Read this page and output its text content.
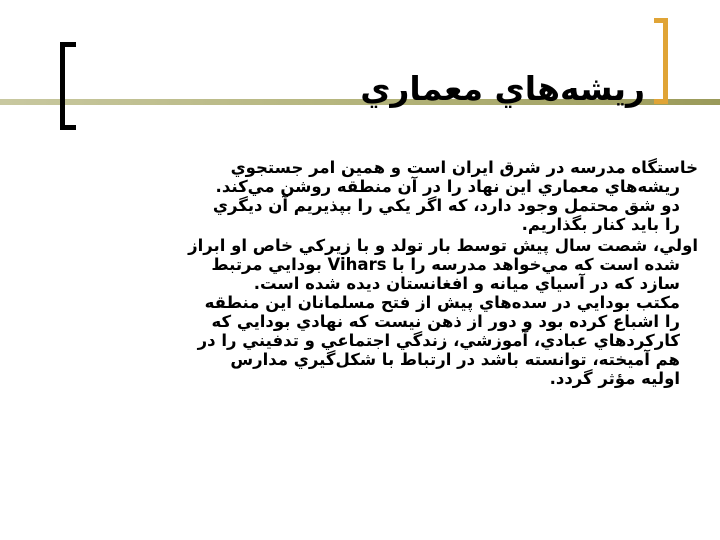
ريشه‌هاي معماري

خاستگاه مدرسه در شرق ايران است و همين امر جستجوي
ريشه‌هاي معماري اين نهاد را در آن منطقه روشن مي‌كند.
دو شق محتمل وجود دارد، كه اگر يكي را بپذيريم آن ديگري
را بايد كنار بگذاريم.

اولي، شصت سال پيش توسط بار تولد و با زيركي خاص او ابراز
شده است كه مي‌خواهد مدرسه را با Vihars بودايي مرتبط
سازد كه در آسياي ميانه و افغانستان ديده شده است.
مكتب بودايي در سده‌هاي پيش از فتح مسلمانان اين منطقه
را اشباع كرده بود و دور از ذهن نيست كه نهادي بودايي كه
كاركردهاي عبادي، آموزشي، زندگي اجتماعي و تدفيني را در
هم آميخته، توانسته باشد در ارتباط با شكل‌گيري مدارس
اوليه مؤثر گردد.
